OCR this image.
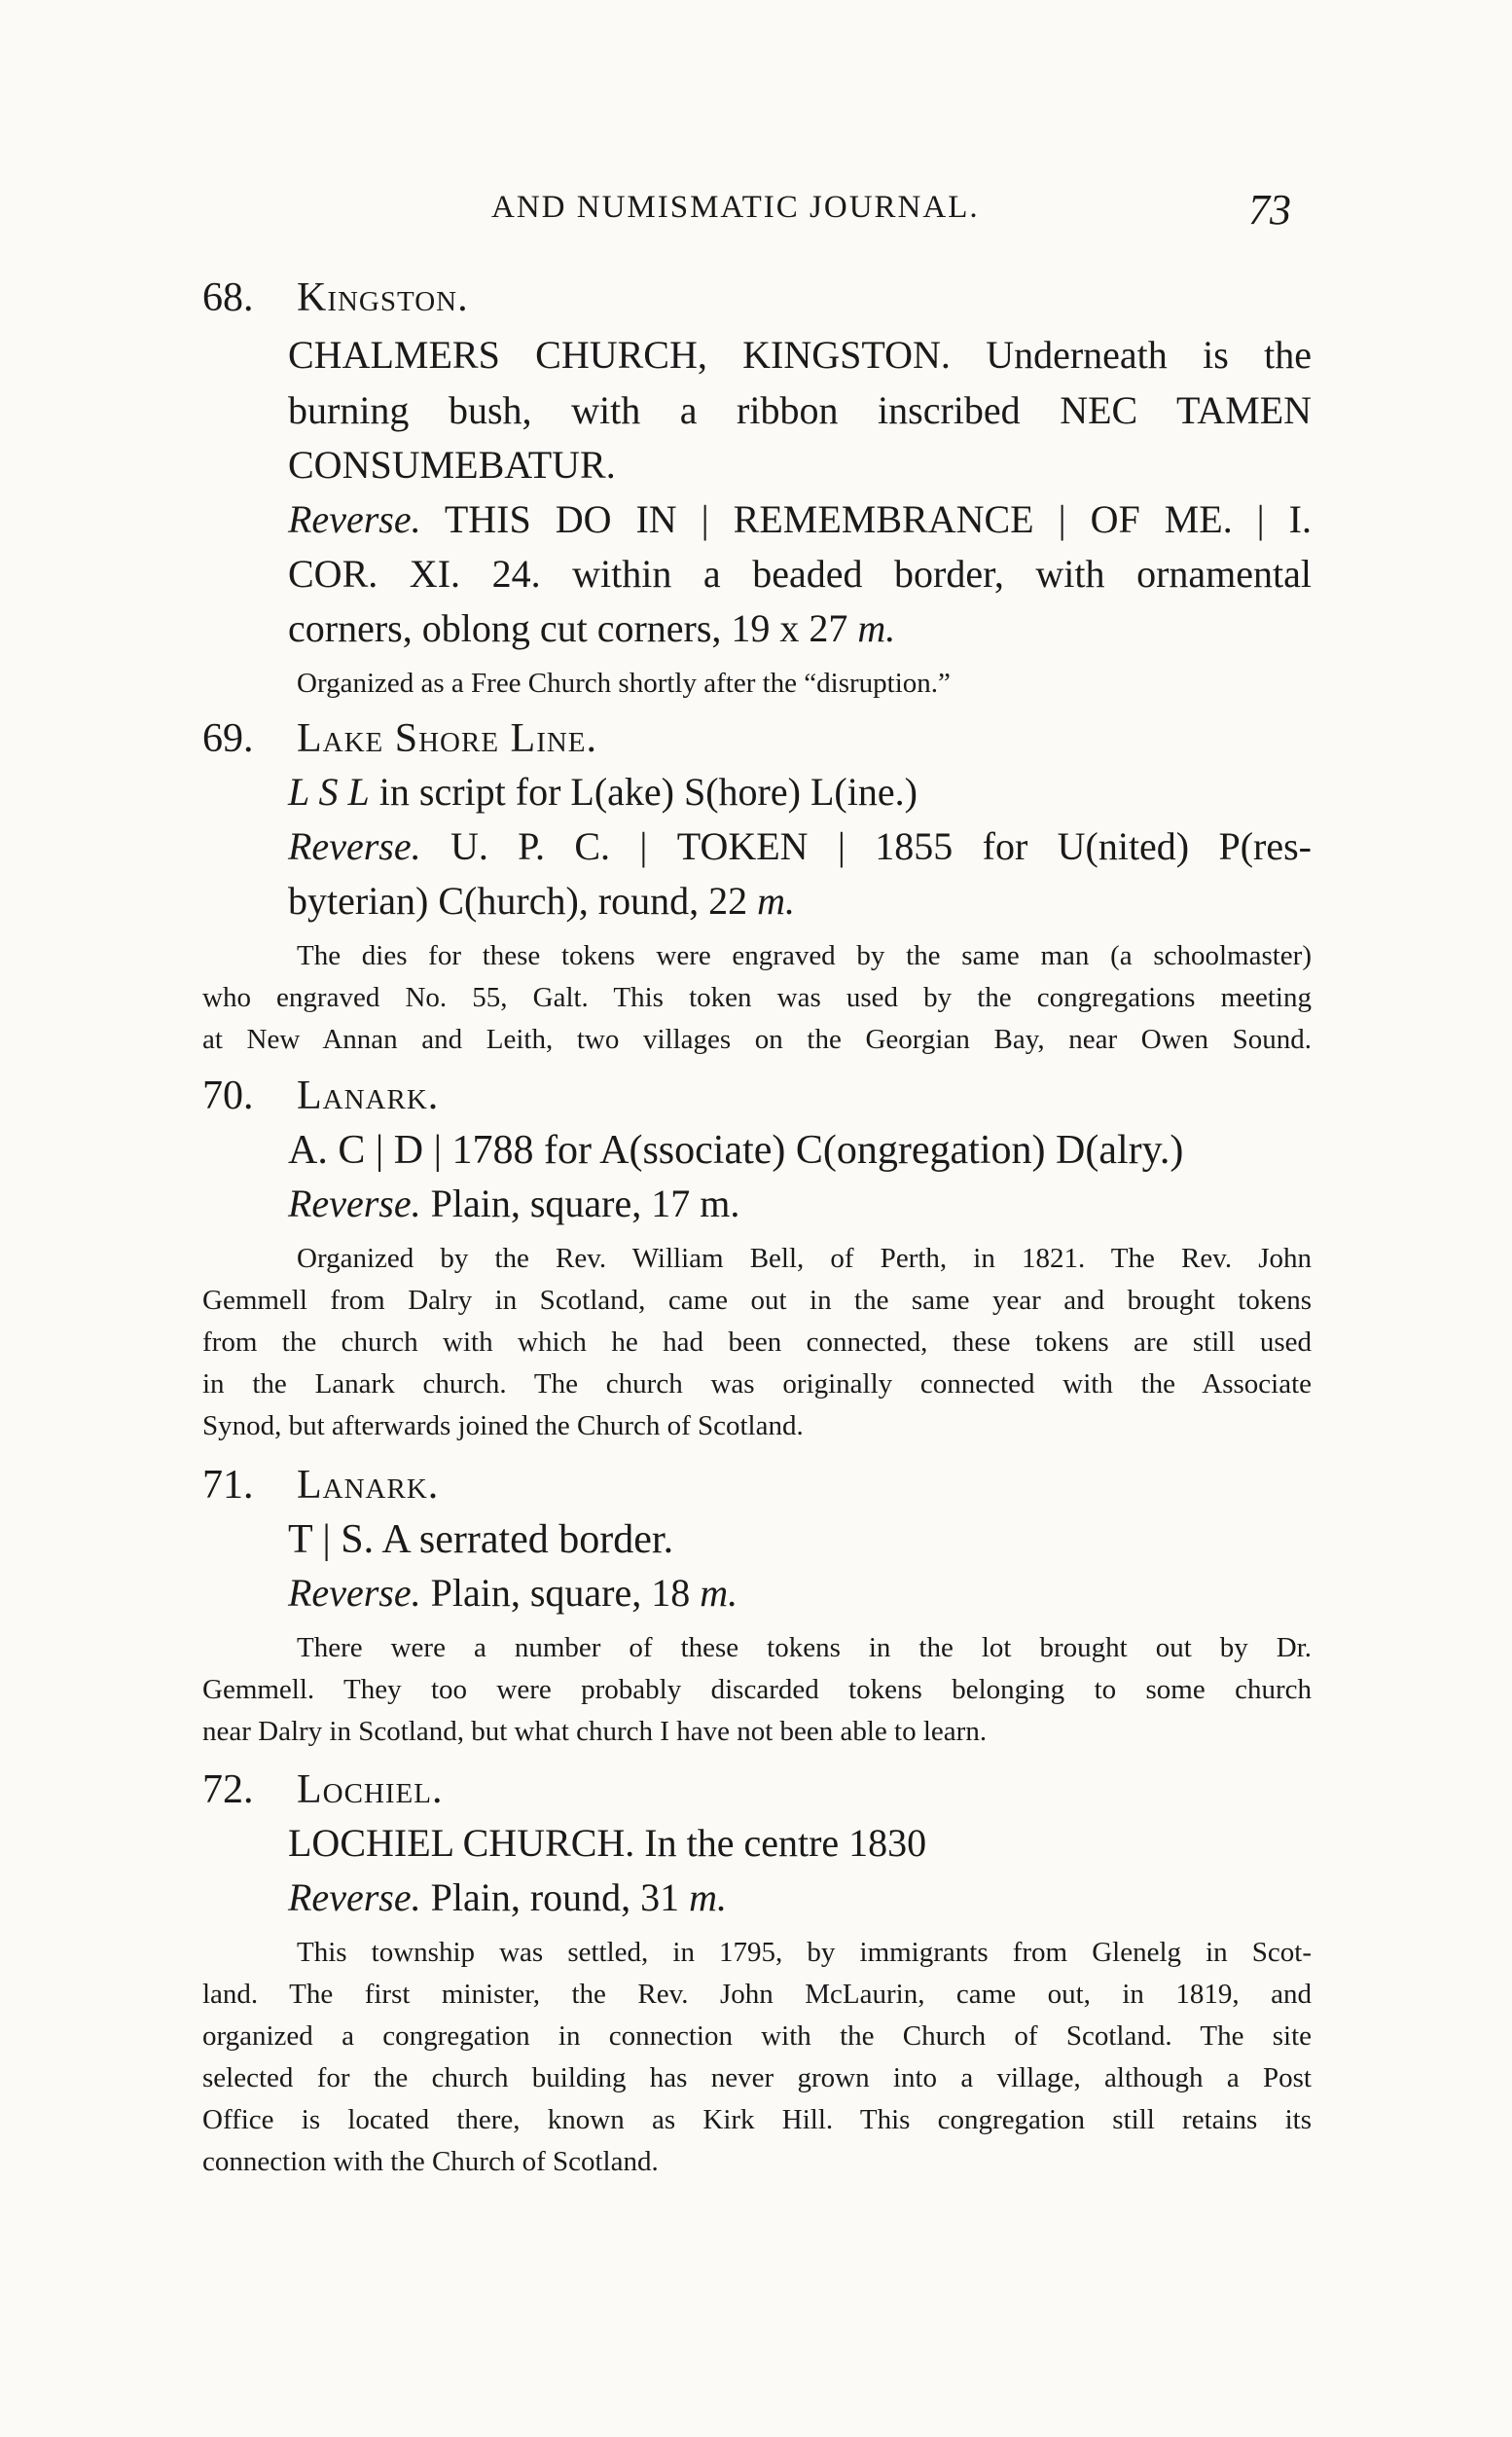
AND NUMISMATIC JOURNAL.	73
68. Kingston.
CHALMERS CHURCH, KINGSTON. Underneath is the
burning bush, with a ribbon inscribed NEC TAMEN
CONSUMEBATUR.
Reverse. THIS DO IN | REMEMBRANCE | OF ME. | I.
COR. XI. 24. within a beaded border, with ornamental
corners, oblong cut corners, 19 x 27 m.
Organized as a Free Church shortly after the “disruption.”
69. Lake Shore Line.
L S L in script for L(ake) S(hore) L(ine.)
Reverse. U. P. C. | TOKEN | 1855 for U(nited) P(res-
byterian) C(hurch), round, 22 m.
The dies for these tokens were engraved by the same man (a schoolmaster)
who engraved No. 55, Galt. This token was used by the congregations meeting
at New Annan and Leith, two villages on the Georgian Bay, near Owen Sound.
70. Lanark.
A. C | D | 1788 for A(ssociate) C(ongregation) D(alry.)
Reverse. Plain, square, 17 m.
Organized by the Rev. William Bell, of Perth, in 1821. The Rev. John
Gemmell from Dalry in Scotland, came out in the same year and brought tokens
from the church with which he had been connected, these tokens are still used
in the Lanark church. The church was originally connected with the Associate
Synod, but afterwards joined the Church of Scotland.
71. Lanark.
T | S. A serrated border.
Reverse. Plain, square, 18 m.
There were a number of these tokens in the lot brought out by Dr.
Gemmell. They too were probably discarded tokens belonging to some church
near Dalry in Scotland, but what church I have not been able to learn.
72. Lochiel.
LOCHIEL CHURCH. In the centre 1830
Reverse. Plain, round, 31 m.
This township was settled, in 1795, by immigrants from Glenelg in Scot-
land. The first minister, the Rev. John McLaurin, came out, in 1819, and
organized a congregation in connection with the Church of Scotland. The site
selected for the church building has never grown into a village, although a Post
Office is located there, known as Kirk Hill. This congregation still retains its
connection with the Church of Scotland.
